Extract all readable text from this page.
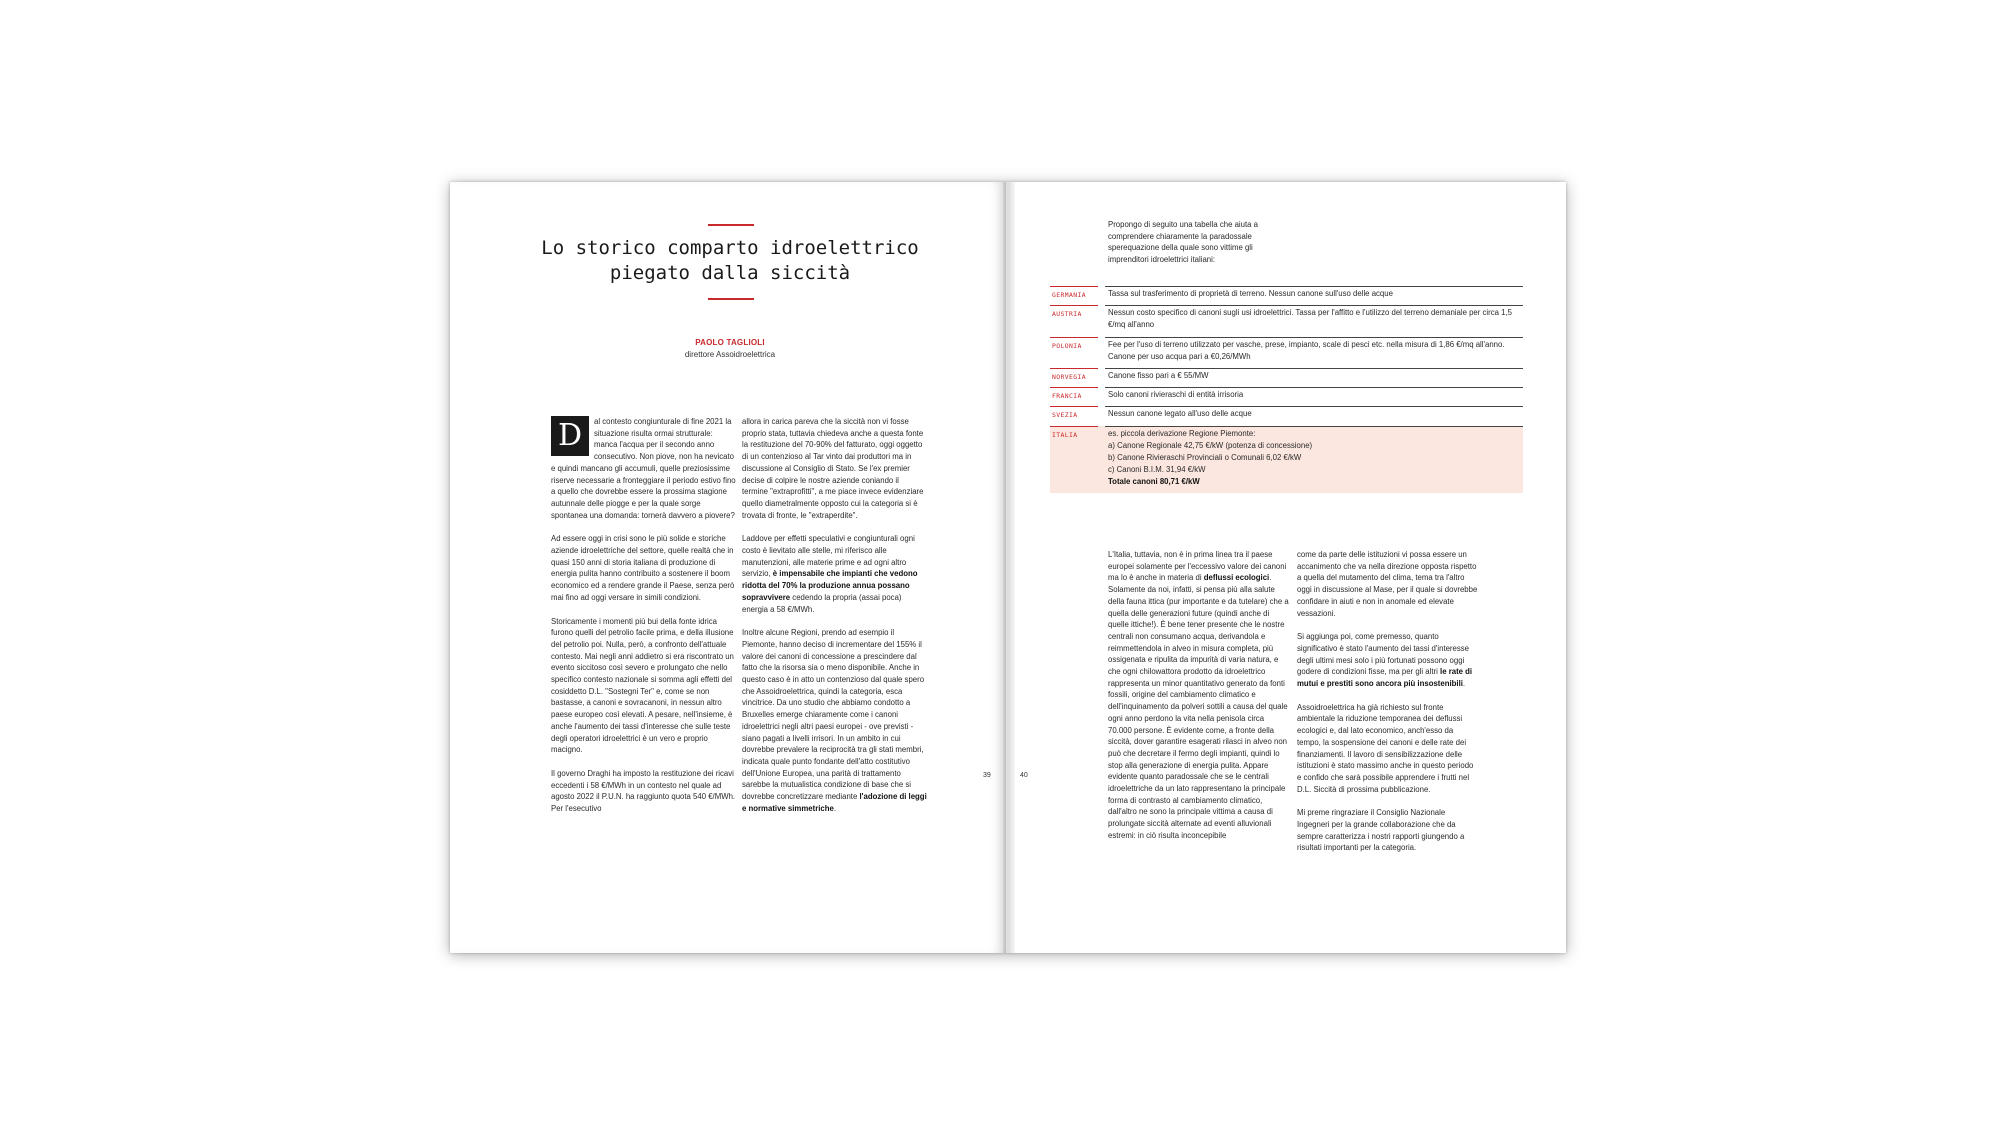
Lo storico comparto idroelettrico
piegato dalla siccità
PAOLO TAGLIOLI
direttore Assoidroelettrica

D	al contesto congiunturale di fine 2021 la situazione risulta ormai strutturale: manca l'acqua per il secondo anno consecutivo. Non piove, non ha nevicato e quindi mancano gli accumuli, quelle preziosissime riserve necessarie a fronteggiare il periodo estivo fino a quello che dovrebbe essere la prossima stagione autunnale delle piogge e per la quale sorge spontanea una domanda: tornerà davvero a piovere?

Ad essere oggi in crisi sono le più solide e storiche aziende idroelettriche del settore, quelle realtà che in quasi 150 anni di storia italiana di produzione di energia pulita hanno contribuito a sostenere il boom economico ed a rendere grande il Paese, senza però mai fino ad oggi versare in simili condizioni.

Storicamente i momenti più bui della fonte idrica furono quelli del petrolio facile prima, e della illusione del petrolio poi. Nulla, però, a confronto dell'attuale contesto. Mai negli anni addietro si era riscontrato un evento siccitoso così severo e prolungato che nello specifico contesto nazionale si somma agli effetti del cosiddetto D.L. "Sostegni Ter" e, come se non bastasse, a canoni e sovracanoni, in nessun altro paese europeo così elevati. A pesare, nell'insieme, è anche l'aumento dei tassi d'interesse che sulle teste degli operatori idroelettrici è un vero e proprio macigno.

Il governo Draghi ha imposto la restituzione dei ricavi eccedenti i 58 €/MWh in un contesto nel quale ad agosto 2022 il P.U.N. ha raggiunto quota 540 €/MWh. Per l'esecutivo

allora in carica pareva che la siccità non vi fosse proprio stata, tuttavia chiedeva anche a questa fonte la restituzione del 70-90% del fatturato, oggi oggetto di un contenzioso al Tar vinto dai produttori ma in discussione al Consiglio di Stato. Se l'ex premier decise di colpire le nostre aziende coniando il termine "extraprofitti", a me piace invece evidenziare quello diametralmente opposto cui la categoria si è trovata di fronte, le "extraperdite".

Laddove per effetti speculativi e congiunturali ogni costo è lievitato alle stelle, mi riferisco alle manutenzioni, alle materie prime e ad ogni altro servizio, è impensabile che impianti che vedono ridotta del 70% la produzione annua possano sopravvivere cedendo la propria (assai poca) energia a 58 €/MWh.

Inoltre alcune Regioni, prendo ad esempio il Piemonte, hanno deciso di incrementare del 155% il valore dei canoni di concessione a prescindere dal fatto che la risorsa sia o meno disponibile. Anche in questo caso è in atto un contenzioso dal quale spero che Assoidroelettrica, quindi la categoria, esca vincitrice. Da uno studio che abbiamo condotto a Bruxelles emerge chiaramente come i canoni idroelettrici negli altri paesi europei - ove previsti - siano pagati a livelli irrisori. In un ambito in cui dovrebbe prevalere la reciprocità tra gli stati membri, indicata quale punto fondante dell'atto costitutivo dell'Unione Europea, una parità di trattamento sarebbe la mutualistica condizione di base che si dovrebbe concretizzare mediante l'adozione di leggi e normative simmetriche.

39	40
Propongo di seguito una tabella che aiuta a comprendere chiaramente la paradossale sperequazione della quale sono vittime gli imprenditori idroelettrici italiani:
GERMANIA	Tassa sul trasferimento di proprietà di terreno. Nessun canone sull'uso delle acque
AUSTRIA	Nessun costo specifico di canoni sugli usi idroelettrici. Tassa per l'affitto e l'utilizzo del terreno demaniale per circa 1,5 €/mq all'anno
POLONIA	Fee per l'uso di terreno utilizzato per vasche, prese, impianto, scale di pesci etc. nella misura di 1,86 €/mq all'anno. Canone per uso acqua pari a €0,26/MWh
NORVEGIA	Canone fisso pari a € 55/MW
FRANCIA	Solo canoni rivieraschi di entità irrisoria
SVEZIA	Nessun canone legato all'uso delle acque
ITALIA	es. piccola derivazione Regione Piemonte:
a) Canone Regionale 42,75 €/kW (potenza di concessione)
b) Canone Rivieraschi Provinciali o Comunali 6,02 €/kW
c) Canoni B.I.M. 31,94 €/kW
Totale canoni 80,71 €/kW

L'Italia, tuttavia, non è in prima linea tra il paese europei solamente per l'eccessivo valore dei canoni ma lo è anche in materia di deflussi ecologici. Solamente da noi, infatti, si pensa più alla salute della fauna ittica (pur importante e da tutelare) che a quella delle generazioni future (quindi anche di quelle ittiche!). È bene tener presente che le nostre centrali non consumano acqua, derivandola e reimmettendola in alveo in misura completa, più ossigenata e ripulita da impurità di varia natura, e che ogni chilowattora prodotto da idroelettrico rappresenta un minor quantitativo generato da fonti fossili, origine del cambiamento climatico e dell'inquinamento da polveri sottili a causa del quale ogni anno perdono la vita nella penisola circa 70.000 persone. È evidente come, a fronte della siccità, dover garantire esagerati rilasci in alveo non può che decretare il fermo degli impianti, quindi lo stop alla generazione di energia pulita. Appare evidente quanto paradossale che se le centrali idroelettriche da un lato rappresentano la principale forma di contrasto al cambiamento climatico, dall'altro ne sono la principale vittima a causa di prolungate siccità alternate ad eventi alluvionali estremi: in ciò risulta inconcepibile

come da parte delle istituzioni vi possa essere un accanimento che va nella direzione opposta rispetto a quella del mutamento del clima, tema tra l'altro oggi in discussione al Mase, per il quale si dovrebbe confidare in aiuti e non in anomale ed elevate vessazioni.

Si aggiunga poi, come premesso, quanto significativo è stato l'aumento dei tassi d'interesse degli ultimi mesi solo i più fortunati possono oggi godere di condizioni fisse, ma per gli altri le rate di mutui e prestiti sono ancora più insostenibili.

Assoidroelettrica ha già richiesto sul fronte ambientale la riduzione temporanea dei deflussi ecologici e, dal lato economico, anch'esso da tempo, la sospensione dei canoni e delle rate dei finanziamenti. Il lavoro di sensibilizzazione delle istituzioni è stato massimo anche in questo periodo e confido che sarà possibile apprendere i frutti nel D.L. Siccità di prossima pubblicazione.

Mi preme ringraziare il Consiglio Nazionale Ingegneri per la grande collaborazione che da sempre caratterizza i nostri rapporti giungendo a risultati importanti per la categoria.
